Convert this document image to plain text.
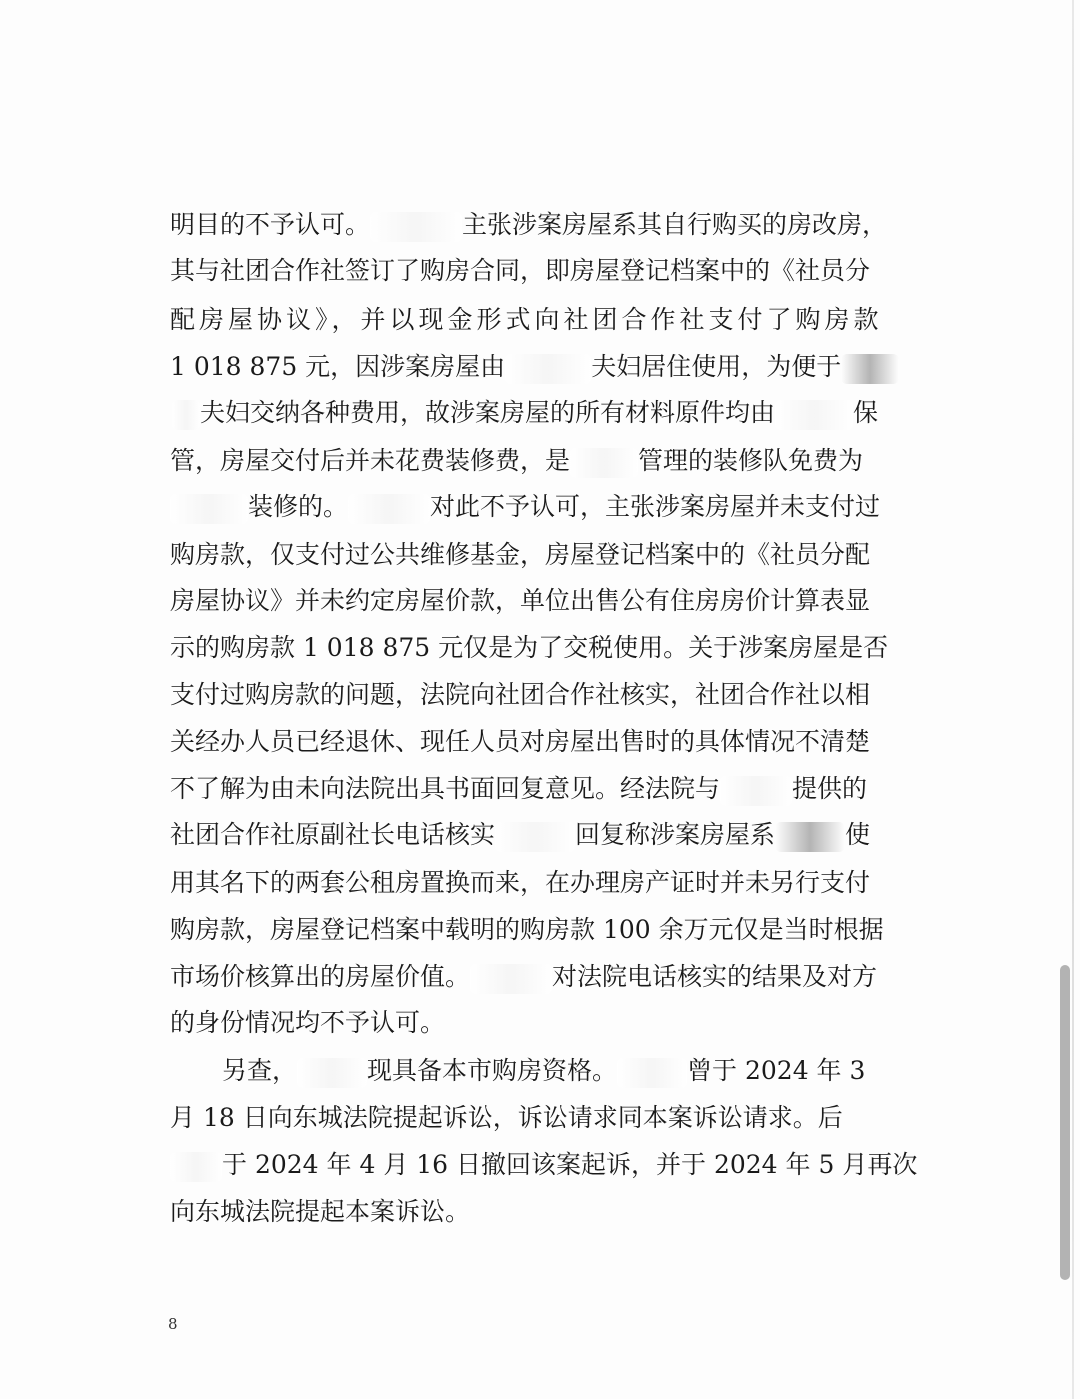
明目的不予认可。	主张涉案房屋系其自行购买的房改房，
其与社团合作社签订了购房合同，即房屋登记档案中的《社员分
配房屋协议》，并以现金形式向社团合作社支付了购房款
1 018 875 元，因涉案房屋由	夫妇居住使用，为便于
夫妇交纳各种费用，故涉案房屋的所有材料原件均由	保
管，房屋交付后并未花费装修费，是	管理的装修队免费为
装修的。	对此不予认可，主张涉案房屋并未支付过
购房款，仅支付过公共维修基金，房屋登记档案中的《社员分配
房屋协议》并未约定房屋价款，单位出售公有住房房价计算表显
示的购房款 1 018 875 元仅是为了交税使用。关于涉案房屋是否
支付过购房款的问题，法院向社团合作社核实，社团合作社以相
关经办人员已经退休、现任人员对房屋出售时的具体情况不清楚
不了解为由未向法院出具书面回复意见。经法院与	提供的
社团合作社原副社长电话核实	回复称涉案房屋系	使
用其名下的两套公租房置换而来，在办理房产证时并未另行支付
购房款，房屋登记档案中载明的购房款 100 余万元仅是当时根据
市场价核算出的房屋价值。	对法院电话核实的结果及对方
的身份情况均不予认可。
另查，	现具备本市购房资格。	曾于 2024 年 3
月 18 日向东城法院提起诉讼，诉讼请求同本案诉讼请求。后
于 2024 年 4 月 16 日撤回该案起诉，并于 2024 年 5 月再次
向东城法院提起本案诉讼。
8
